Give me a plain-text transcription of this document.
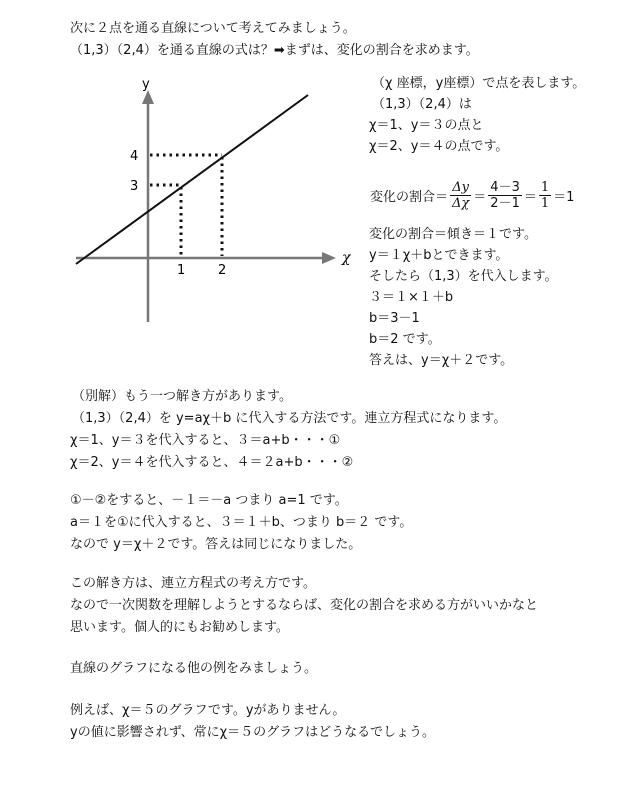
次に２点を通る直線について考えてみましょう。
（1,3）（2,4）を通る直線の式は？➡まずは、変化の割合を求めます。
y
χ
4
3
1	2
（χ 座標，y座標）で点を表します。
（1,3）（2,4）は
χ＝1、y＝３の点と
χ＝2、y＝４の点です。
変化の割合＝ $\frac{\Delta y}{\Delta\chi} = \frac{4-3}{2-1} = \frac{1}{1} =1$
変化の割合＝傾き＝１です。
y＝１χ＋bとできます。
そしたら（1,3）を代入します。
３＝１×１＋b
b＝3－1
b＝2 です。
答えは、y＝χ＋２です。
（別解）もう一つ解き方があります。
（1,3）（2,4）を y=aχ＋b に代入する方法です。連立方程式になります。
χ＝1、y＝３を代入すると、３＝a+b・・・①
χ＝2、y＝４を代入すると、４＝２a+b・・・②
①－②をすると、－１＝－a つまり a=1 です。
a＝１を①に代入すると、３＝１＋b、つまり b＝２ です。
なので y＝χ＋２です。答えは同じになりました。
この解き方は、連立方程式の考え方です。
なので一次関数を理解しようとするならば、変化の割合を求める方がいいかなと
思います。個人的にもお勧めします。
直線のグラフになる他の例をみましょう。
例えば、χ＝５のグラフです。yがありません。
yの値に影響されず、常にχ＝５のグラフはどうなるでしょう。
